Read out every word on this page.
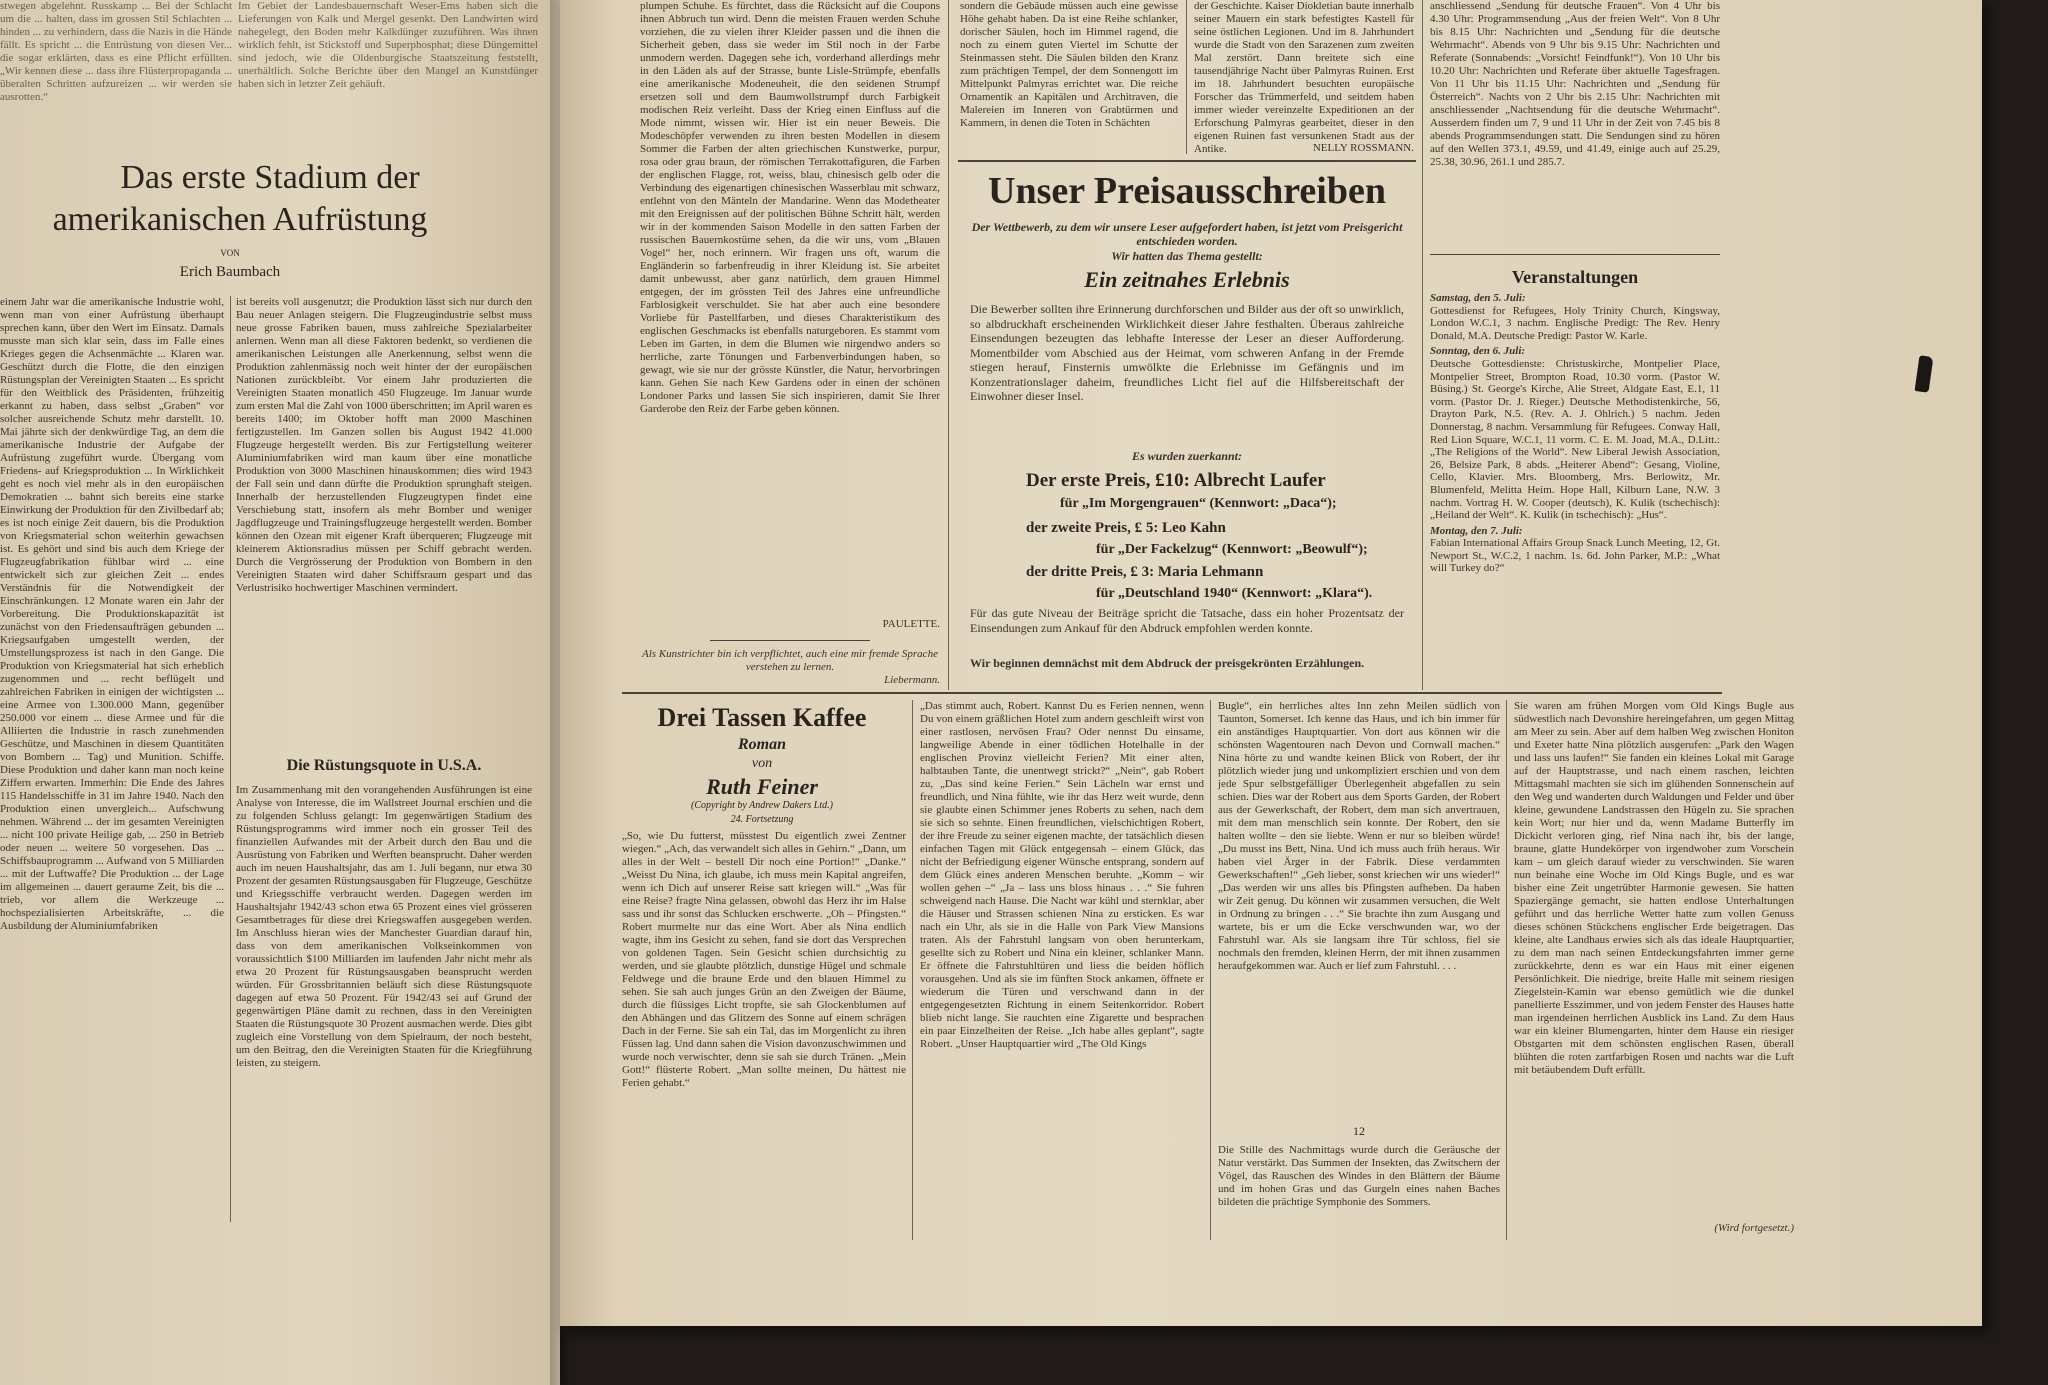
stwegen abgelehnt. Russkamp ... Bei der Schlacht um die ... halten, dass im grossen Stil Schlachten ... hinden ... zu verhindern, dass die Nazis in die Hände fällt. Es spricht ... die Entrüstung von diesen Ver... die sogar erklärten, dass es eine Pflicht erfüllten. „Wir kennen diese ... dass ihre Flüsterpropaganda ... überalten Schritten aufzureizen ... wir werden sie ausrotten.“
Im Gebiet der Landesbauernschaft Weser-Ems haben sich die Lieferungen von Kalk und Mergel gesenkt. Den Landwirten wird nahegelegt, den Boden mehr Kalkdünger zuzuführen. Was ihnen wirklich fehlt, ist Stickstoff und Superphosphat; diese Düngemittel sind jedoch, wie die Oldenburgische Staatszeitung feststellt, unerhältlich. Solche Berichte über den Mangel an Kunstdünger haben sich in letzter Zeit gehäuft.
Das erste Stadium der
amerikanischen Aufrüstung
VON
Erich Baumbach
einem Jahr war die amerikanische Industrie wohl, wenn man von einer Aufrüstung überhaupt sprechen kann, über den Wert im Einsatz. Damals musste man sich klar sein, dass im Falle eines Krieges gegen die Achsenmächte ... Klaren war. Geschützt durch die Flotte, die den einzigen Rüstungsplan der Vereinigten Staaten ... Es spricht für den Weitblick des Präsidenten, frühzeitig erkannt zu haben, dass selbst „Graben“ vor solcher ausreichende Schutz mehr darstellt. 10. Mai jährte sich der denkwürdige Tag, an dem die amerikanische Industrie der Aufgabe der Aufrüstung zugeführt wurde. Übergang vom Friedens- auf Kriegsproduktion ... In Wirklichkeit geht es noch viel mehr als in den europäischen Demokratien ... bahnt sich bereits eine starke Einwirkung der Produktion für den Zivilbedarf ab; es ist noch einige Zeit dauern, bis die Produktion von Kriegsmaterial schon weiterhin gewachsen ist. Es gehört und sind bis auch dem Kriege der Flugzeugfabrikation fühlbar wird ... eine entwickelt sich zur gleichen Zeit ... endes Verständnis für die Notwendigkeit der Einschränkungen. 12 Monate waren ein Jahr der Vorbereitung. Die Produktionskapazität ist zunächst von den Friedensaufträgen gebunden ... Kriegsaufgaben umgestellt werden, der Umstellungsprozess ist nach in den Gange. Die Produktion von Kriegsmaterial hat sich erheblich zugenommen und ... recht beflügelt und zahlreichen Fabriken in einigen der wichtigsten ... eine Armee von 1.300.000 Mann, gegenüber 250.000 vor einem ... diese Armee und für die Alliierten die Industrie in rasch zunehmenden Geschütze, und Maschinen in diesem Quantitäten von Bombern ... Tag) und Munition. Schiffe. Diese Produktion und daher kann man noch keine Ziffern erwarten. Immerhin: Die Ende des Jahres 115 Handelsschiffe in 31 im Jahre 1940. Nach den Produktion einen unvergleich... Aufschwung nehmen. Während ... der im gesamten Vereinigten ... nicht 100 private Heilige gab, ... 250 in Betrieb oder neuen ... weitere 50 vorgesehen. Das ... Schiffsbauprogramm ... Aufwand von 5 Milliarden ... mit der Luftwaffe? Die Produktion ... der Lage im allgemeinen ... dauert geraume Zeit, bis die ... trieb, vor allem die Werkzeuge ... hochspezialisierten Arbeitskräfte, ... die Ausbildung der Aluminiumfabriken
ist bereits voll ausgenutzt; die Produktion lässt sich nur durch den Bau neuer Anlagen steigern. Die Flugzeugindustrie selbst muss neue grosse Fabriken bauen, muss zahlreiche Spezialarbeiter anlernen. Wenn man all diese Faktoren bedenkt, so verdienen die amerikanischen Leistungen alle Anerkennung, selbst wenn die Produktion zahlenmässig noch weit hinter der der europäischen Nationen zurückbleibt. Vor einem Jahr produzierten die Vereinigten Staaten monatlich 450 Flugzeuge. Im Januar wurde zum ersten Mal die Zahl von 1000 überschritten; im April waren es bereits 1400; im Oktober hofft man 2000 Maschinen fertigzustellen. Im Ganzen sollen bis August 1942 41.000 Flugzeuge hergestellt werden. Bis zur Fertigstellung weiterer Aluminiumfabriken wird man kaum über eine monatliche Produktion von 3000 Maschinen hinauskommen; dies wird 1943 der Fall sein und dann dürfte die Produktion sprunghaft steigen. Innerhalb der herzustellenden Flugzeugtypen findet eine Verschiebung statt, insofern als mehr Bomber und weniger Jagdflugzeuge und Trainingsflugzeuge hergestellt werden. Bomber können den Ozean mit eigener Kraft überqueren; Flugzeuge mit kleinerem Aktionsradius müssen per Schiff gebracht werden. Durch die Vergrösserung der Produktion von Bombern in den Vereinigten Staaten wird daher Schiffsraum gespart und das Verlustrisiko hochwertiger Maschinen vermindert.
Die Rüstungsquote in U.S.A.
Im Zusammenhang mit den vorangehenden Ausführungen ist eine Analyse von Interesse, die im Wallstreet Journal erschien und die zu folgenden Schluss gelangt: Im gegenwärtigen Stadium des Rüstungsprogramms wird immer noch ein grosser Teil des finanziellen Aufwandes mit der Arbeit durch den Bau und die Ausrüstung von Fabriken und Werften beansprucht. Daher werden auch im neuen Haushaltsjahr, das am 1. Juli begann, nur etwa 30 Prozent der gesamten Rüstungsausgaben für Flugzeuge, Geschütze und Kriegsschiffe verbraucht werden. Dagegen werden im Haushaltsjahr 1942/43 schon etwa 65 Prozent eines viel grösseren Gesamtbetrages für diese drei Kriegswaffen ausgegeben werden. Im Anschluss hieran wies der Manchester Guardian darauf hin, dass von dem amerikanischen Volkseinkommen von voraussichtlich $100 Milliarden im laufenden Jahr nicht mehr als etwa 20 Prozent für Rüstungsausgaben beansprucht werden würden. Für Grossbritannien beläuft sich diese Rüstungsquote dagegen auf etwa 50 Prozent. Für 1942/43 sei auf Grund der gegenwärtigen Pläne damit zu rechnen, dass in den Vereinigten Staaten die Rüstungsquote 30 Prozent ausmachen werde. Dies gibt zugleich eine Vorstellung von dem Spielraum, der noch besteht, um den Beitrag, den die Vereinigten Staaten für die Kriegführung leisten, zu steigern.
plumpen Schuhe. Es fürchtet, dass die Rücksicht auf die Coupons ihnen Abbruch tun wird. Denn die meisten Frauen werden Schuhe vorziehen, die zu vielen ihrer Kleider passen und die ihnen die Sicherheit geben, dass sie weder im Stil noch in der Farbe unmodern werden. Dagegen sehe ich, vorderhand allerdings mehr in den Läden als auf der Strasse, bunte Lisle-Strümpfe, ebenfalls eine amerikanische Modeneuheit, die den seidenen Strumpf ersetzen soll und dem Baumwollstrumpf durch Farbigkeit modischen Reiz verleiht. Dass der Krieg einen Einfluss auf die Mode nimmt, wissen wir. Hier ist ein neuer Beweis. Die Modeschöpfer verwenden zu ihren besten Modellen in diesem Sommer die Farben der alten griechischen Kunstwerke, purpur, rosa oder grau braun, der römischen Terrakottafiguren, die Farben der englischen Flagge, rot, weiss, blau, chinesisch gelb oder die Verbindung des eigenartigen chinesischen Wasserblau mit schwarz, entlehnt von den Mänteln der Mandarine. Wenn das Modetheater mit den Ereignissen auf der politischen Bühne Schritt hält, werden wir in der kommenden Saison Modelle in den satten Farben der russischen Bauernkostüme sehen, da die wir uns, vom „Blauen Vogel“ her, noch erinnern. Wir fragen uns oft, warum die Engländerin so farbenfreudig in ihrer Kleidung ist. Sie arbeitet damit unbewusst, aber ganz natürlich, dem grauen Himmel entgegen, der im grössten Teil des Jahres eine unfreundliche Farblosigkeit verschuldet. Sie hat aber auch eine besondere Vorliebe für Pastellfarben, und dieses Charakteristikum des englischen Geschmacks ist ebenfalls naturgeboren. Es stammt vom Leben im Garten, in dem die Blumen wie nirgendwo anders so herrliche, zarte Tönungen und Farbenverbindungen haben, so gewagt, wie sie nur der grösste Künstler, die Natur, hervorbringen kann. Gehen Sie nach Kew Gardens oder in einen der schönen Londoner Parks und lassen Sie sich inspirieren, damit Sie Ihrer Garderobe den Reiz der Farbe geben können.
PAULETTE.
Als Kunstrichter bin ich verpflichtet, auch eine mir fremde Sprache verstehen zu lernen.
Liebermann.
sondern die Gebäude müssen auch eine gewisse Höhe gehabt haben. Da ist eine Reihe schlanker, dorischer Säulen, hoch im Himmel ragend, die noch zu einem guten Viertel im Schutte der Steinmassen steht. Die Säulen bilden den Kranz zum prächtigen Tempel, der dem Sonnengott im Mittelpunkt Palmyras errichtet war. Die reiche Ornamentik an Kapitälen und Architraven, die Malereien im Inneren von Grabtürmen und Kammern, in denen die Toten in Schächten
der Geschichte. Kaiser Diokletian baute innerhalb seiner Mauern ein stark befestigtes Kastell für seine östlichen Legionen. Und im 8. Jahrhundert wurde die Stadt von den Sarazenen zum zweiten Mal zerstört. Dann breitete sich eine tausendjährige Nacht über Palmyras Ruinen. Erst im 18. Jahrhundert besuchten europäische Forscher das Trümmerfeld, und seitdem haben immer wieder vereinzelte Expeditionen an der Erforschung Palmyras gearbeitet, dieser in den eigenen Ruinen fast versunkenen Stadt aus der Antike.	NELLY ROSSMANN.
Unser Preisausschreiben
Der Wettbewerb, zu dem wir unsere Leser aufgefordert haben, ist jetzt vom Preisgericht entschieden worden.
Wir hatten das Thema gestellt:
Ein zeitnahes Erlebnis
Die Bewerber sollten ihre Erinnerung durchforschen und Bilder aus der oft so unwirklich, so albdruckhaft erscheinenden Wirklichkeit dieser Jahre festhalten. Überaus zahlreiche Einsendungen bezeugten das lebhafte Interesse der Leser an dieser Aufforderung. Momentbilder vom Abschied aus der Heimat, vom schweren Anfang in der Fremde stiegen herauf, Finsternis umwölkte die Erlebnisse im Gefängnis und im Konzentrationslager daheim, freundliches Licht fiel auf die Hilfsbereitschaft der Einwohner dieser Insel.
Es wurden zuerkannt:
Der erste Preis, £10: Albrecht Laufer
für „Im Morgengrauen“ (Kennwort: „Daca“);
der zweite Preis, £ 5: Leo Kahn
für „Der Fackelzug“ (Kennwort: „Beowulf“);
der dritte Preis, £ 3: Maria Lehmann
für „Deutschland 1940“ (Kennwort: „Klara“).
Für das gute Niveau der Beiträge spricht die Tatsache, dass ein hoher Prozentsatz der Einsendungen zum Ankauf für den Abdruck empfohlen werden konnte.
Wir beginnen demnächst mit dem Abdruck der preisgekrönten Erzählungen.
anschliessend „Sendung für deutsche Frauen“. Von 4 Uhr bis 4.30 Uhr: Programmsendung „Aus der freien Welt“. Von 8 Uhr bis 8.15 Uhr: Nachrichten und „Sendung für die deutsche Wehrmacht“. Abends von 9 Uhr bis 9.15 Uhr: Nachrichten und Referate (Sonnabends: „Vorsicht! Feindfunk!“). Von 10 Uhr bis 10.20 Uhr: Nachrichten und Referate über aktuelle Tagesfragen. Von 11 Uhr bis 11.15 Uhr: Nachrichten und „Sendung für Österreich“. Nachts von 2 Uhr bis 2.15 Uhr: Nachrichten mit anschliessender „Nachtsendung für die deutsche Wehrmacht“. Ausserdem finden um 7, 9 und 11 Uhr in der Zeit von 7.45 bis 8 abends Programmsendungen statt. Die Sendungen sind zu hören auf den Wellen 373.1, 49.59, und 41.49, einige auch auf 25.29, 25.38, 30.96, 261.1 und 285.7.
Veranstaltungen
Samstag, den 5. Juli:
Gottesdienst for Refugees, Holy Trinity Church, Kingsway, London W.C.1, 3 nachm. Englische Predigt: The Rev. Henry Donald, M.A. Deutsche Predigt: Pastor W. Karle.
Sonntag, den 6. Juli:
Deutsche Gottesdienste: Christuskirche, Montpelier Place, Montpelier Street, Brompton Road, 10.30 vorm. (Pastor W. Büsing.) St. George's Kirche, Alie Street, Aldgate East, E.1, 11 vorm. (Pastor Dr. J. Rieger.) Deutsche Methodistenkirche, 56, Drayton Park, N.5. (Rev. A. J. Ohlrich.) 5 nachm. Jeden Donnerstag, 8 nachm. Versammlung für Refugees. Conway Hall, Red Lion Square, W.C.1, 11 vorm. C. E. M. Joad, M.A., D.Litt.: „The Religions of the World“. New Liberal Jewish Association, 26, Belsize Park, 8 abds. „Heiterer Abend“: Gesang, Violine, Cello, Klavier. Mrs. Bloomberg, Mrs. Berlowitz, Mr. Blumenfeld, Melitta Heim. Hope Hall, Kilburn Lane, N.W. 3 nachm. Vortrag H. W. Cooper (deutsch), K. Kulik (tschechisch): „Heiland der Welt“. K. Kulik (in tschechisch): „Hus“.
Montag, den 7. Juli:
Fabian International Affairs Group Snack Lunch Meeting, 12, Gt. Newport St., W.C.2, 1 nachm. 1s. 6d. John Parker, M.P.: „What will Turkey do?“
Drei Tassen Kaffee
Roman
von
Ruth Feiner
(Copyright by Andrew Dakers Ltd.)
24. Fortsetzung
„So, wie Du futterst, müsstest Du eigentlich zwei Zentner wiegen.“ „Ach, das verwandelt sich alles in Gehirn.“ „Dann, um alles in der Welt – bestell Dir noch eine Portion!“ „Danke.“ „Weisst Du Nina, ich glaube, ich muss mein Kapital angreifen, wenn ich Dich auf unserer Reise satt kriegen will.“ „Was für eine Reise? fragte Nina gelassen, obwohl das Herz ihr im Halse sass und ihr sonst das Schlucken erschwerte. „Oh – Pfingsten.“ Robert murmelte nur das eine Wort. Aber als Nina endlich wagte, ihm ins Gesicht zu sehen, fand sie dort das Versprechen von goldenen Tagen. Sein Gesicht schien durchsichtig zu werden, und sie glaubte plötzlich, dunstige Hügel und schmale Feldwege und die braune Erde und den blauen Himmel zu sehen. Sie sah auch junges Grün an den Zweigen der Bäume, durch die flüssiges Licht tropfte, sie sah Glockenblumen auf den Abhängen und das Glitzern des Sonne auf einem schrägen Dach in der Ferne. Sie sah ein Tal, das im Morgenlicht zu ihren Füssen lag. Und dann sahen die Vision davonzuschwimmen und wurde noch verwischter, denn sie sah sie durch Tränen. „Mein Gott!“ flüsterte Robert. „Man sollte meinen, Du hättest nie Ferien gehabt.“
„Das stimmt auch, Robert. Kannst Du es Ferien nennen, wenn Du von einem gräßlichen Hotel zum andern geschleift wirst von einer rastlosen, nervösen Frau? Oder nennst Du einsame, langweilige Abende in einer tödlichen Hotelhalle in der englischen Provinz vielleicht Ferien? Mit einer alten, halbtauben Tante, die unentwegt strickt?“ „Nein“, gab Robert zu, „Das sind keine Ferien.“ Sein Lächeln war ernst und freundlich, und Nina fühlte, wie ihr das Herz weit wurde, denn sie glaubte einen Schimmer jenes Roberts zu sehen, nach dem sie sich so sehnte. Einen freundlichen, vielschichtigen Robert, der ihre Freude zu seiner eigenen machte, der tatsächlich diesen einfachen Tagen mit Glück entgegensah – einem Glück, das nicht der Befriedigung eigener Wünsche entsprang, sondern auf dem Glück eines anderen Menschen beruhte. „Komm – wir wollen gehen –“ „Ja – lass uns bloss hinaus . . .“ Sie fuhren schweigend nach Hause. Die Nacht war kühl und sternklar, aber die Häuser und Strassen schienen Nina zu ersticken. Es war nach ein Uhr, als sie in die Halle von Park View Mansions traten. Als der Fahrstuhl langsam von oben herunterkam, gesellte sich zu Robert und Nina ein kleiner, schlanker Mann. Er öffnete die Fahrstuhltüren und liess die beiden höflich vorausgehen. Und als sie im fünften Stock ankamen, öffnete er wiederum die Türen und verschwand dann in der entgegengesetzten Richtung in einem Seitenkorridor. Robert blieb nicht lange. Sie rauchten eine Zigarette und besprachen ein paar Einzelheiten der Reise. „Ich habe alles geplant“, sagte Robert. „Unser Hauptquartier wird „The Old Kings
Bugle“, ein herrliches altes Inn zehn Meilen südlich von Taunton, Somerset. Ich kenne das Haus, und ich bin immer für ein anständiges Hauptquartier. Von dort aus können wir die schönsten Wagentouren nach Devon und Cornwall machen.“ Nina hörte zu und wandte keinen Blick von Robert, der ihr plötzlich wieder jung und unkompliziert erschien und von dem jede Spur selbstgefälliger Überlegenheit abgefallen zu sein schien. Dies war der Robert aus dem Sports Garden, der Robert aus der Gewerkschaft, der Robert, dem man sich anvertrauen, mit dem man menschlich sein konnte. Der Robert, den sie halten wollte – den sie liebte. Wenn er nur so bleiben würde! „Du musst ins Bett, Nina. Und ich muss auch früh heraus. Wir haben viel Ärger in der Fabrik. Diese verdammten Gewerkschaften!“ „Geh lieber, sonst kriechen wir uns wieder!“ „Das werden wir uns alles bis Pfingsten aufheben. Da haben wir Zeit genug. Du können wir zusammen versuchen, die Welt in Ordnung zu bringen . . .“ Sie brachte ihn zum Ausgang und wartete, bis er um die Ecke verschwunden war, wo der Fahrstuhl war. Als sie langsam ihre Tür schloss, fiel sie nochmals den fremden, kleinen Herrn, der mit ihnen zusammen heraufgekommen war. Auch er lief zum Fahrstuhl. . . .
12
Die Stille des Nachmittags wurde durch die Geräusche der Natur verstärkt. Das Summen der Insekten, das Zwitschern der Vögel, das Rauschen des Windes in den Blättern der Bäume und im hohen Gras und das Gurgeln eines nahen Baches bildeten die prächtige Symphonie des Sommers.
Sie waren am frühen Morgen vom Old Kings Bugle aus südwestlich nach Devonshire hereingefahren, um gegen Mittag am Meer zu sein. Aber auf dem halben Weg zwischen Honiton und Exeter hatte Nina plötzlich ausgerufen: „Park den Wagen und lass uns laufen!“ Sie fanden ein kleines Lokal mit Garage auf der Hauptstrasse, und nach einem raschen, leichten Mittagsmahl machten sie sich im glühenden Sonnenschein auf den Weg und wanderten durch Waldungen und Felder und über kleine, gewundene Landstrassen den Hügeln zu. Sie sprachen kein Wort; nur hier und da, wenn Madame Butterfly im Dickicht verloren ging, rief Nina nach ihr, bis der lange, braune, glatte Hundekörper von irgendwoher zum Vorschein kam – um gleich darauf wieder zu verschwinden. Sie waren nun beinahe eine Woche im Old Kings Bugle, und es war bisher eine Zeit ungetrübter Harmonie gewesen. Sie hatten Spaziergänge gemacht, sie hatten endlose Unterhaltungen geführt und das herrliche Wetter hatte zum vollen Genuss dieses schönen Stückchens englischer Erde beigetragen. Das kleine, alte Landhaus erwies sich als das ideale Hauptquartier, zu dem man nach seinen Entdeckungsfahrten immer gerne zurückkehrte, denn es war ein Haus mit einer eigenen Persönlichkeit. Die niedrige, breite Halle mit seinem riesigen Ziegelstein-Kamin war ebenso gemütlich wie die dunkel panellierte Esszimmer, und von jedem Fenster des Hauses hatte man irgendeinen herrlichen Ausblick ins Land. Zu dem Haus war ein kleiner Blumengarten, hinter dem Hause ein riesiger Obstgarten mit dem schönsten englischen Rasen, überall blühten die roten zartfarbigen Rosen und nachts war die Luft mit betäubendem Duft erfüllt.
(Wird fortgesetzt.)
